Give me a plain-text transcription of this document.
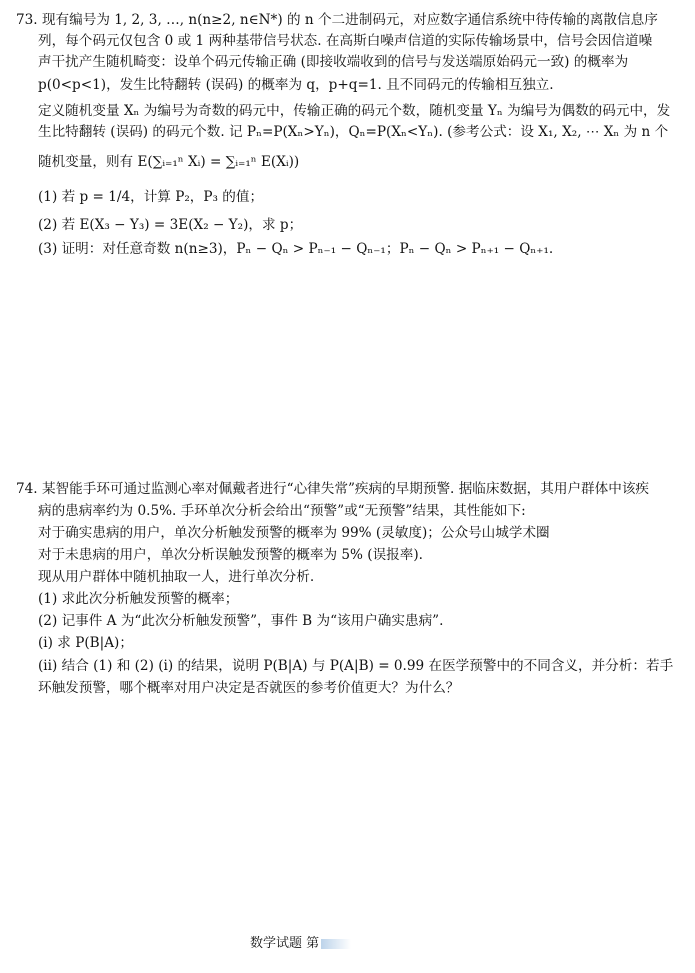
73. 现有编号为 1, 2, 3, …, n(n≥2, n∈N*) 的 n 个二进制码元，对应数字通信系统中待传输的离散信息序
列，每个码元仅包含 0 或 1 两种基带信号状态. 在高斯白噪声信道的实际传输场景中，信号会因信道噪
声干扰产生随机畸变：设单个码元传输正确 (即接收端收到的信号与发送端原始码元一致) 的概率为
p(0<p<1)，发生比特翻转 (误码) 的概率为 q，p+q=1. 且不同码元的传输相互独立.
定义随机变量 Xₙ 为编号为奇数的码元中，传输正确的码元个数，随机变量 Yₙ 为编号为偶数的码元中，发
生比特翻转 (误码) 的码元个数. 记 Pₙ=P(Xₙ>Yₙ)，Qₙ=P(Xₙ<Yₙ). (参考公式：设 X₁, X₂, ⋯ Xₙ 为 n 个
随机变量，则有 E(∑ᵢ₌₁ⁿ Xᵢ) = ∑ᵢ₌₁ⁿ E(Xᵢ))
(1) 若 p = 1/4，计算 P₂，P₃ 的值；
(2) 若 E(X₃ − Y₃) = 3E(X₂ − Y₂)，求 p；
(3) 证明：对任意奇数 n(n≥3)，Pₙ − Qₙ > Pₙ₋₁ − Qₙ₋₁；Pₙ − Qₙ > Pₙ₊₁ − Qₙ₊₁.
74. 某智能手环可通过监测心率对佩戴者进行“心律失常”疾病的早期预警. 据临床数据，其用户群体中该疾
病的患病率约为 0.5%. 手环单次分析会给出“预警”或“无预警”结果，其性能如下:
对于确实患病的用户，单次分析触发预警的概率为 99% (灵敏度)；公众号山城学术圈
对于未患病的用户，单次分析误触发预警的概率为 5% (误报率).
现从用户群体中随机抽取一人，进行单次分析.
(1) 求此次分析触发预警的概率；
(2) 记事件 A 为“此次分析触发预警”，事件 B 为“该用户确实患病”.
(i) 求 P(B|A)；
(ii) 结合 (1) 和 (2) (i) 的结果，说明 P(B|A) 与 P(A|B) = 0.99 在医学预警中的不同含义，并分析：若手
环触发预警，哪个概率对用户决定是否就医的参考价值更大？为什么？
数学试题 第
